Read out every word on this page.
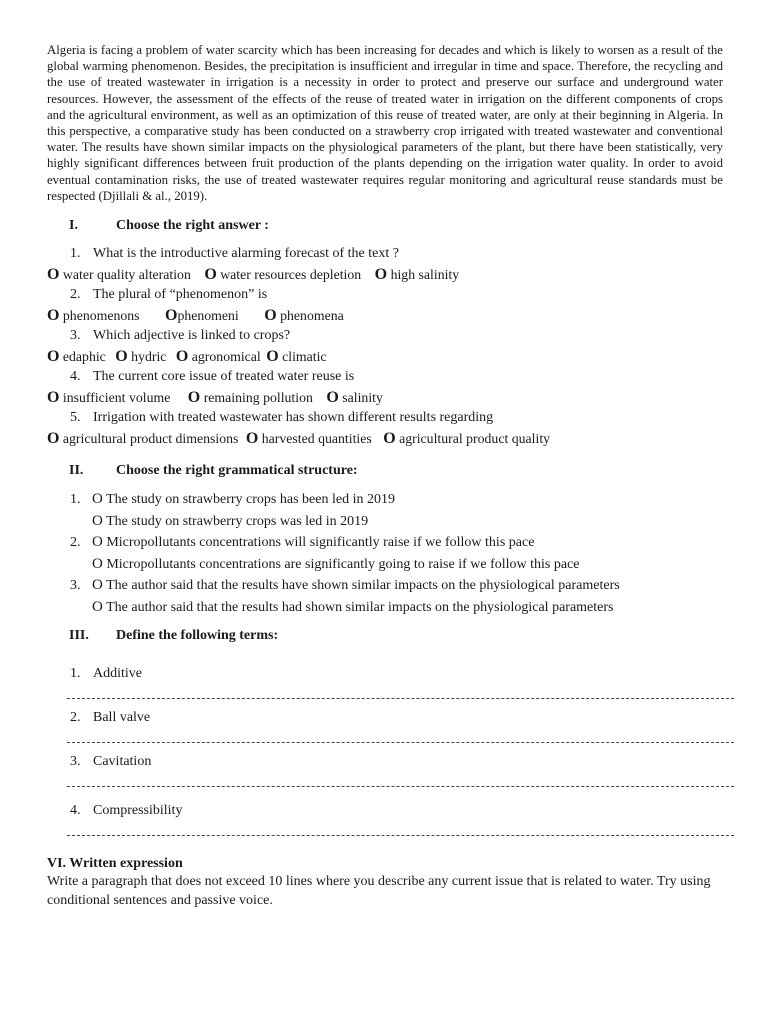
Algeria is facing a problem of water scarcity which has been increasing for decades and which is likely to worsen as a result of the global warming phenomenon. Besides, the precipitation is insufficient and irregular in time and space. Therefore, the recycling and the use of treated wastewater in irrigation is a necessity in order to protect and preserve our surface and underground water resources. However, the assessment of the effects of the reuse of treated water in irrigation on the different components of crops and the agricultural environment, as well as an optimization of this reuse of treated water, are only at their beginning in Algeria. In this perspective, a comparative study has been conducted on a strawberry crop irrigated with treated wastewater and conventional water. The results have shown similar impacts on the physiological parameters of the plant, but there have been statistically, very highly significant differences between fruit production of the plants depending on the irrigation water quality. In order to avoid eventual contamination risks, the use of treated wastewater requires regular monitoring and agricultural reuse standards must be respected (Djillali & al., 2019).

I.	Choose the right answer :
1. What is the introductive alarming forecast of the text ?
O water quality alteration O water resources depletion O high salinity
2. The plural of “phenomenon” is
O phenomenons Ophenomeni O phenomena
3. Which adjective is linked to crops?
O edaphic O hydric O agronomical O climatic
4. The current core issue of treated water reuse is
O insufficient volume O remaining pollution O salinity
5. Irrigation with treated wastewater has shown different results regarding
O agricultural product dimensions O harvested quantities O agricultural product quality
II. Choose the right grammatical structure:
1. O The study on strawberry crops has been led in 2019
O The study on strawberry crops was led in 2019
2. O Micropollutants concentrations will significantly raise if we follow this pace
O Micropollutants concentrations are significantly going to raise if we follow this pace
3. O The author said that the results have shown similar impacts on the physiological parameters
O The author said that the results had shown similar impacts on the physiological parameters
III. Define the following terms:
1. Additive
2. Ball valve
3. Cavitation
4. Compressibility
VI. Written expression

Write a paragraph that does not exceed 10 lines where you describe any current issue that is related to water. Try using conditional sentences and passive voice.
